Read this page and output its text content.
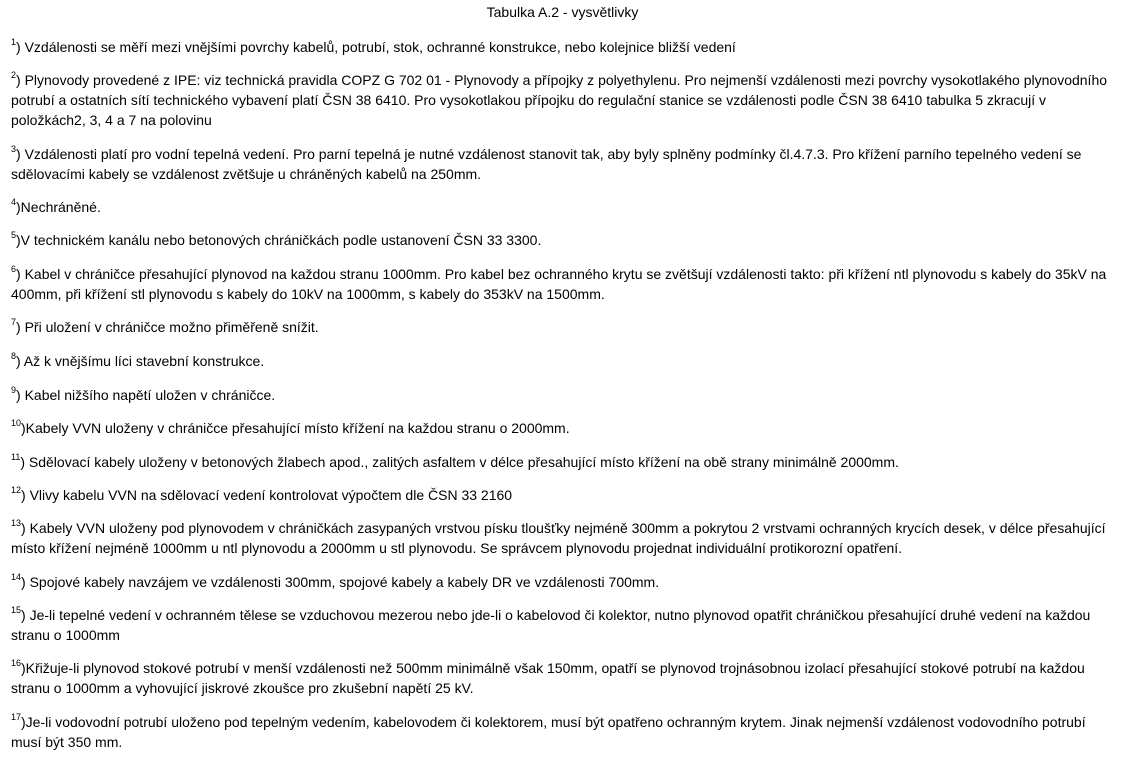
Tabulka A.2 - vysvětlivky

$^1$) Vzdálenosti se měří mezi vnějšími povrchy kabelů, potrubí, stok, ochranné konstrukce, nebo kolejnice bližší vedení

$^2$) Plynovody provedené z IPE: viz technická pravidla COPZ G 702 01 - Plynovody a přípojky z polyethylenu. Pro nejmenší vzdálenosti mezi povrchy vysokotlakého plynovodního potrubí a ostatních sítí technického vybavení platí ČSN 38 6410. Pro vysokotlakou přípojku do regulační stanice se vzdálenosti podle ČSN 38 6410 tabulka 5 zkracují v položkách2, 3, 4 a 7 na polovinu

$^3$) Vzdálenosti platí pro vodní tepelná vedení. Pro parní tepelná je nutné vzdálenost stanovit tak, aby byly splněny podmínky čl.4.7.3. Pro křížení parního tepelného vedení se sdělovacími kabely se vzdálenost zvětšuje u chráněných kabelů na 250mm.

$^4$)Nechráněné.

$^5$)V technickém kanálu nebo betonových chráničkách podle ustanovení ČSN 33 3300.

$^6$) Kabel v chráničce přesahující plynovod na každou stranu 1000mm. Pro kabel bez ochranného krytu se zvětšují vzdálenosti takto: při křížení ntl plynovodu s kabely do 35kV na 400mm, při křížení stl plynovodu s kabely do 10kV na 1000mm, s kabely do 353kV na 1500mm.

$^7$) Při uložení v chráničce možno přiměřeně snížit.

$^8$) Až k vnějšímu líci stavební konstrukce.

$^9$) Kabel nižšího napětí uložen v chráničce.

$^{10}$)Kabely VVN uloženy v chráničce přesahující místo křížení na každou stranu o 2000mm.

$^{11}$) Sdělovací kabely uloženy v betonových žlabech apod., zalitých asfaltem v délce přesahující místo křížení na obě strany minimálně 2000mm.

$^{12}$) Vlivy kabelu VVN na sdělovací vedení kontrolovat výpočtem dle ČSN 33 2160

$^{13}$) Kabely VVN uloženy pod plynovodem v chráničkách zasypaných vrstvou písku tloušťky nejméně 300mm a pokrytou 2 vrstvami ochranných krycích desek, v délce přesahující místo křížení nejméně 1000mm u ntl plynovodu a 2000mm u stl plynovodu. Se správcem plynovodu projednat individuální protikorozní opatření.

$^{14}$) Spojové kabely navzájem ve vzdálenosti 300mm, spojové kabely a kabely DR ve vzdálenosti 700mm.

$^{15}$) Je-li tepelné vedení v ochranném tělese se vzduchovou mezerou nebo jde-li o kabelovod či kolektor, nutno plynovod opatřit chráničkou přesahující druhé vedení na každou stranu o 1000mm

$^{16}$)Křižuje-li plynovod stokové potrubí v menší vzdálenosti než 500mm minimálně však 150mm, opatří se plynovod trojnásobnou izolací přesahující stokové potrubí na každou stranu o 1000mm a vyhovující jiskrové zkoušce pro zkušební napětí 25 kV.

$^{17}$)Je-li vodovodní potrubí uloženo pod tepelným vedením, kabelovodem či kolektorem, musí být opatřeno ochranným krytem. Jinak nejmenší vzdálenost vodovodního potrubí musí být 350 mm.
